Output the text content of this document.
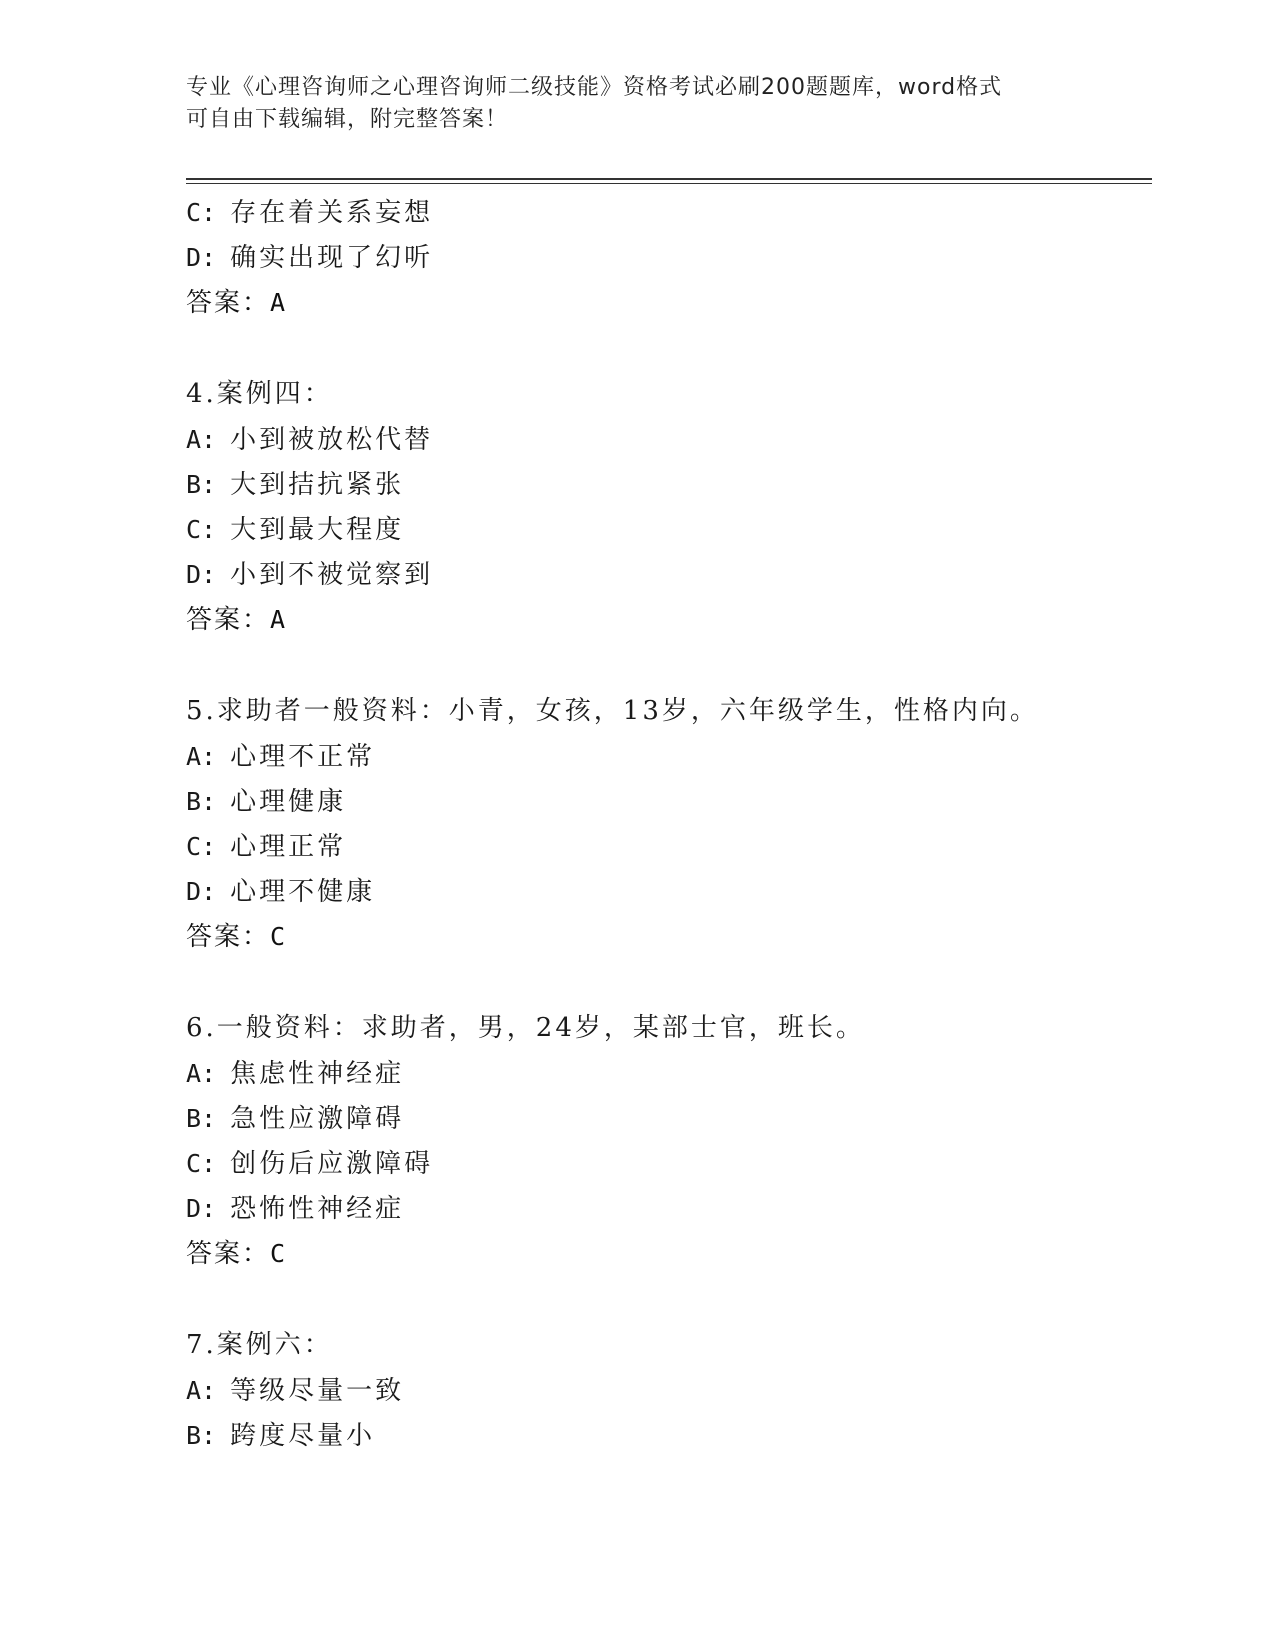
专业《心理咨询师之心理咨询师二级技能》资格考试必刷200题题库，word格式
可自由下载编辑，附完整答案！
C: 存在着关系妄想
D: 确实出现了幻听
答案：A
4.案例四：
A: 小到被放松代替
B: 大到拮抗紧张
C: 大到最大程度
D: 小到不被觉察到
答案：A
5.求助者一般资料：小青，女孩，13岁，六年级学生，性格内向。
A: 心理不正常
B: 心理健康
C: 心理正常
D: 心理不健康
答案：C
6.一般资料：求助者，男，24岁，某部士官，班长。
A: 焦虑性神经症
B: 急性应激障碍
C: 创伤后应激障碍
D: 恐怖性神经症
答案：C
7.案例六：
A: 等级尽量一致
B: 跨度尽量小
